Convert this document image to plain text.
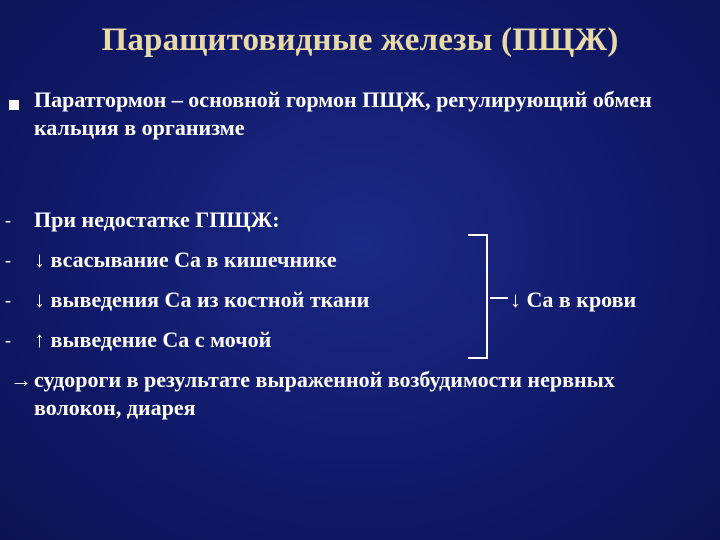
Паращитовидные железы (ПЩЖ)
Паратгормон – основной гормон ПЩЖ, регулирующий обмен кальция в организме
- При недостатке ГПЩЖ:
- ↓ всасывание Са в кишечнике
- ↓ выведения Са из костной ткани
- ↑ выведение Са с мочой
↓ Са в крови
→ судороги в результате выраженной возбудимости нервных волокон, диарея
